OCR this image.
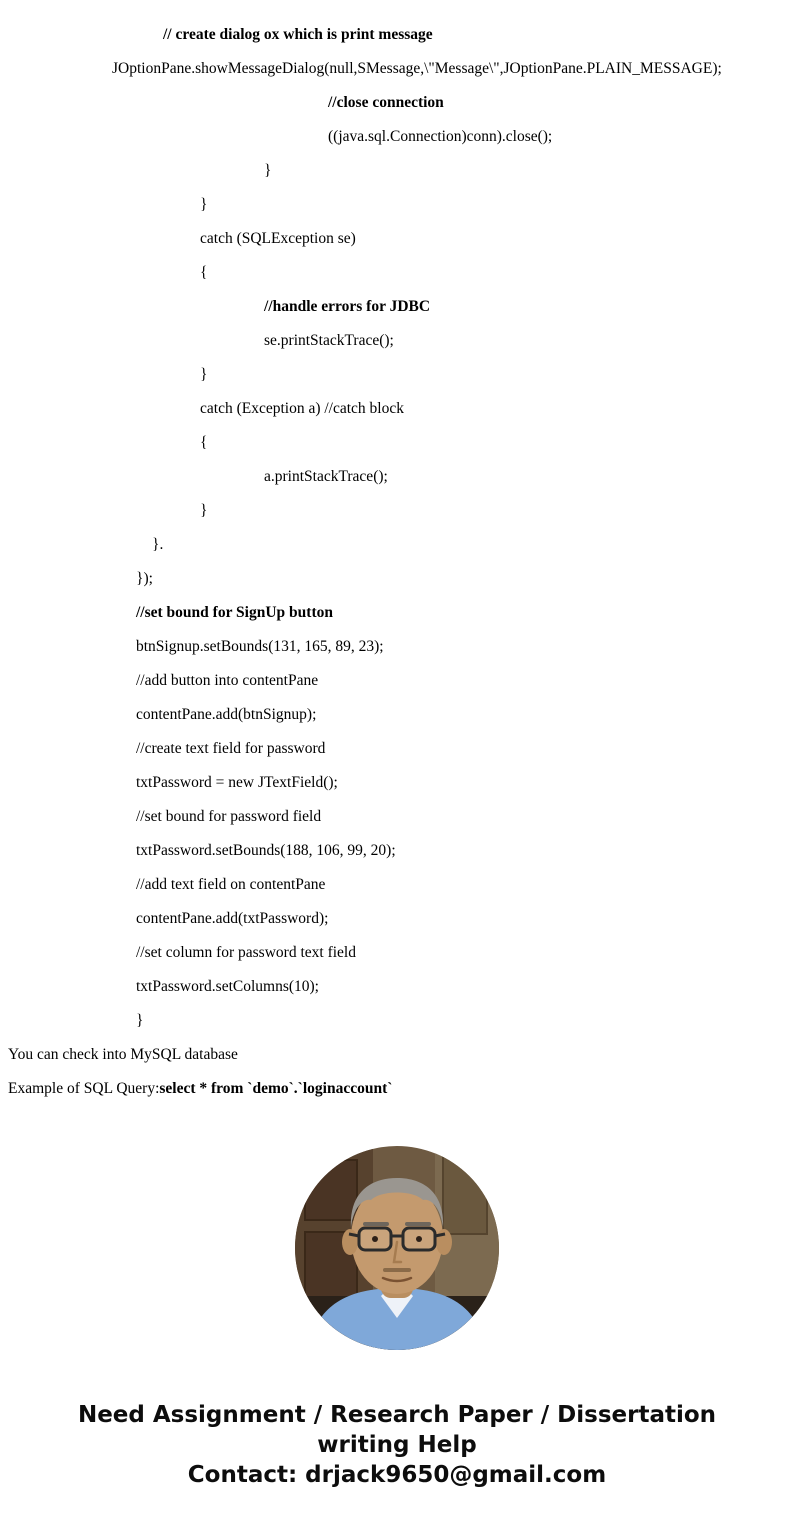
// create dialog ox which is print message
JOptionPane.showMessageDialog(null,SMessage,\"Message\",JOptionPane.PLAIN_MESSAGE);
//close connection
((java.sql.Connection)conn).close();
}
}
catch (SQLException se)
{
//handle errors for JDBC
se.printStackTrace();
}
catch (Exception a) //catch block
{
a.printStackTrace();
}
}.
});
//set bound for SignUp button
btnSignup.setBounds(131, 165, 89, 23);
//add button into contentPane
contentPane.add(btnSignup);
//create text field for password
txtPassword = new JTextField();
//set bound for password field
txtPassword.setBounds(188, 106, 99, 20);
//add text field on contentPane
contentPane.add(txtPassword);
//set column for password text field
txtPassword.setColumns(10);
}
You can check into MySQL database
Example of SQL Query:select * from `demo`.`loginaccount`
Need Assignment / Research Paper / Dissertation writing Help
Contact: drjack9650@gmail.com
